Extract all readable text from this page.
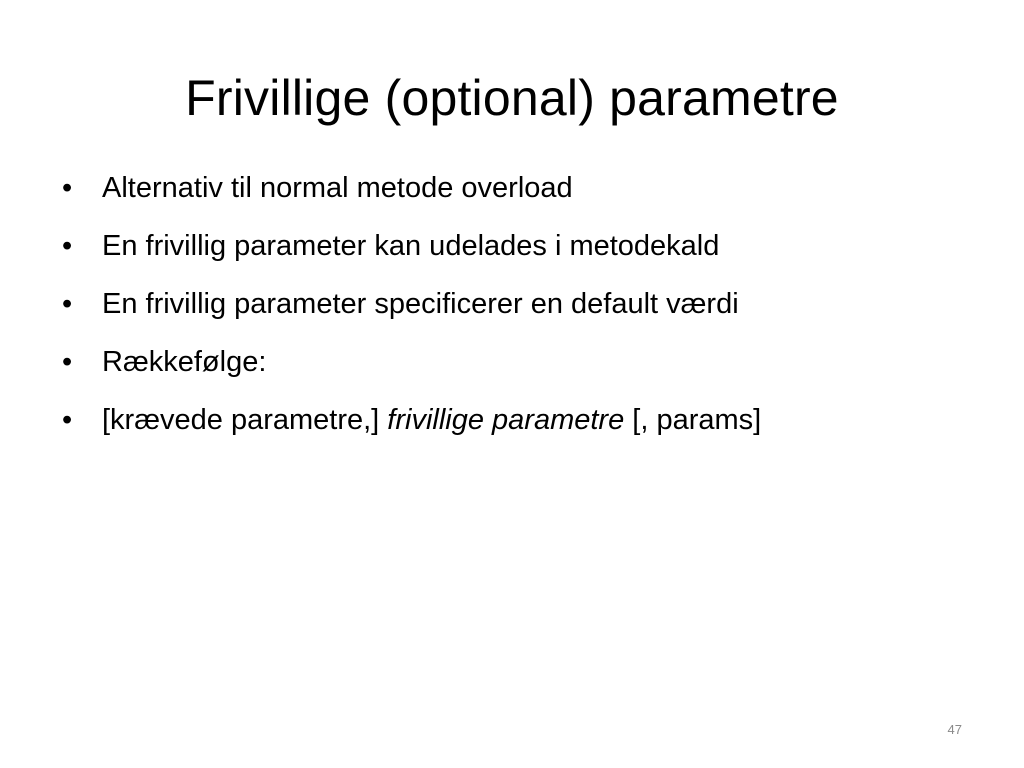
Frivillige (optional) parametre
• Alternativ til normal metode overload
• En frivillig parameter kan udelades i metodekald
• En frivillig parameter specificerer en default værdi
• Rækkefølge:
• [krævede parametre,] frivillige parametre [, params]
47
